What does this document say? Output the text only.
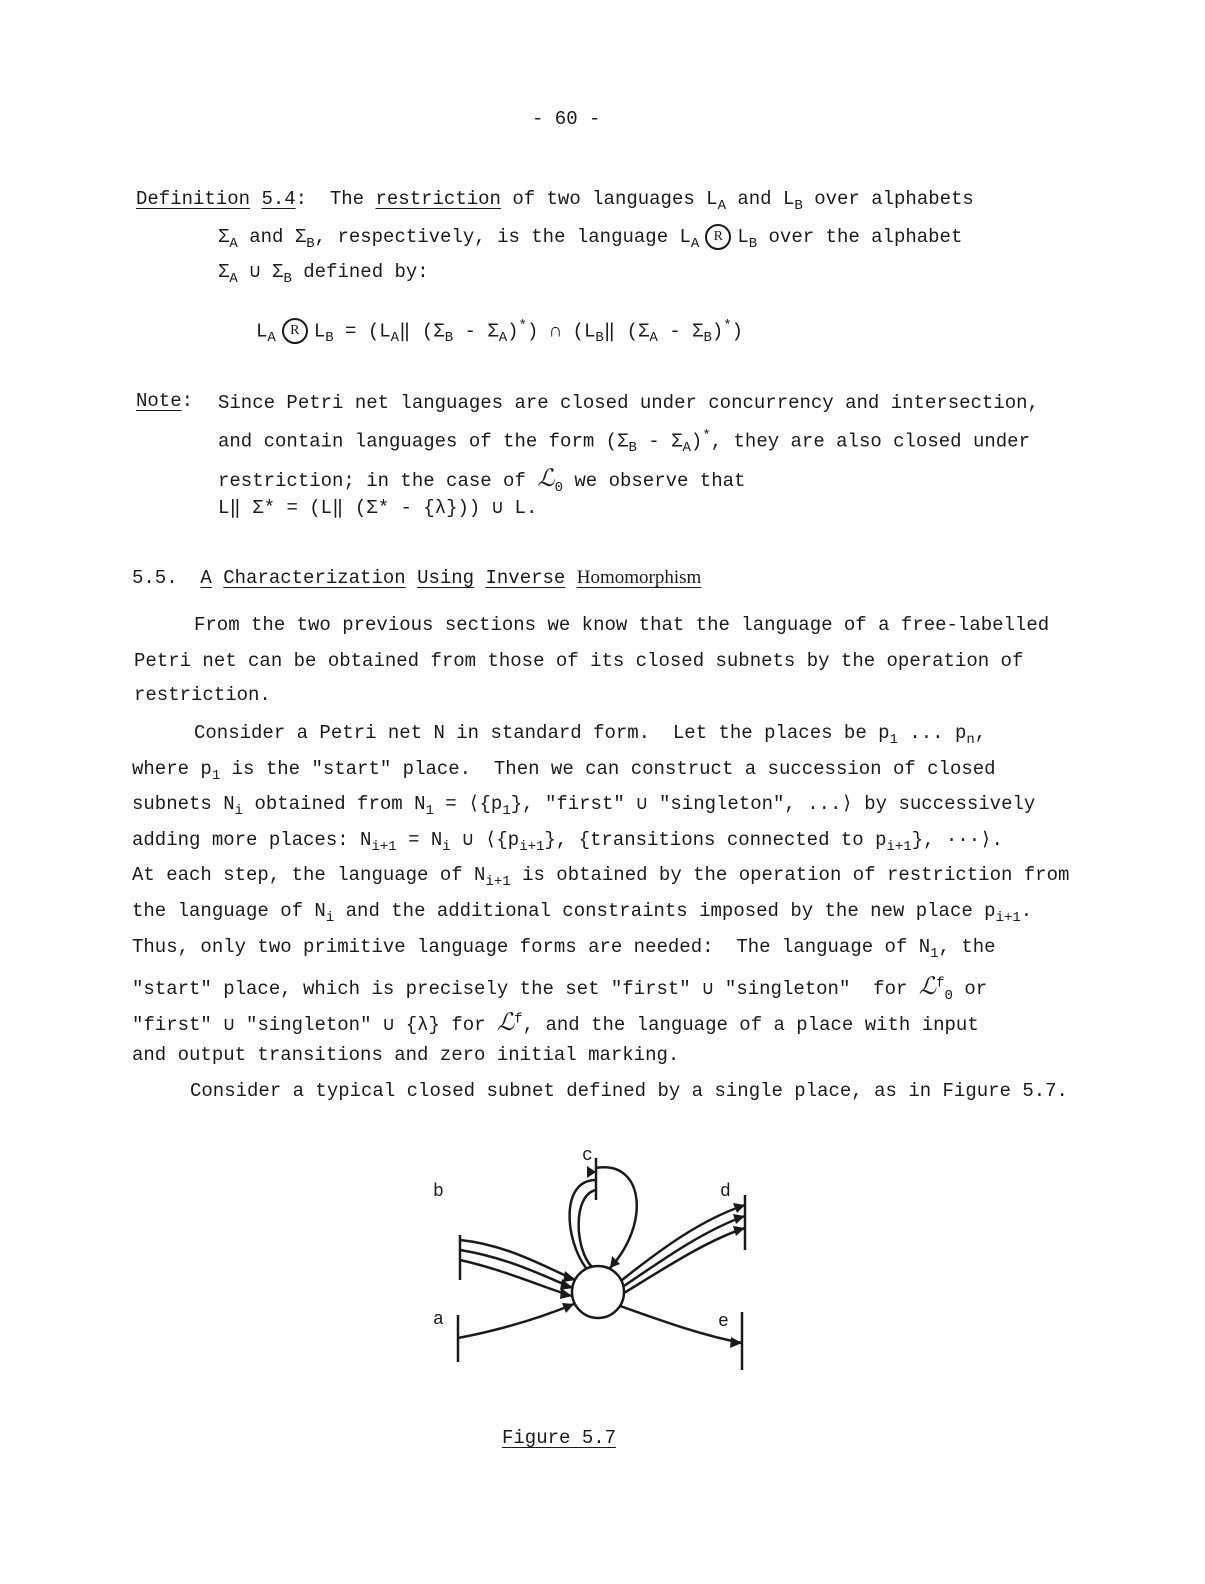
- 60 -
Definition 5.4: The restriction of two languages $L_A$ and $L_B$ over alphabets
$\Sigma_A$ and $\Sigma_B$, respectively, is the language $L_A$ R $L_B$ over the alphabet
$\Sigma_A$ ∪ $\Sigma_B$ defined by:
$L_A$ R $L_B$ = ($L_A‖$ $(\Sigma_B - \Sigma_A)^*$) ∩ ($L_B‖$ $(\Sigma_A - \Sigma_B)^*$)
Note: Since Petri net languages are closed under concurrency and intersection,
and contain languages of the form $(\Sigma_B - \Sigma_A)^*$, they are also closed under
restriction; in the case of ℒ$_0$ we observe that
L‖ Σ* = (L‖ (Σ* - {λ})) ∪ L.
5.5. A Characterization Using Inverse Homomorphism
From the two previous sections we know that the language of a free-labelled
Petri net can be obtained from those of its closed subnets by the operation of
restriction.
Consider a Petri net N in standard form. Let the places be $p_1$ ... $p_n$,
where $p_1$ is the "start" place. Then we can construct a succession of closed
subnets $N_i$ obtained from $N_1$ = $⟨\{p_1\}$, "first" ∪ "singleton", ...⟩ by successively
adding more places: $N_{i+1} = N_i$ ∪ $⟨\{p_{i+1}\}$, {transitions connected to $p_{i+1}$}, ···⟩.
At each step, the language of $N_{i+1}$ is obtained by the operation of restriction from
the language of $N_i$ and the additional constraints imposed by the new place $p_{i+1}$.
Thus, only two primitive language forms are needed: The language of $N_1$, the
"start" place, which is precisely the set "first" ∪ "singleton" for ℒ$^f_0$ or
"first" ∪ "singleton" ∪ {λ} for ℒ$^f$, and the language of a place with input
and output transitions and zero initial marking.
Consider a typical closed subnet defined by a single place, as in Figure 5.7.
b
a
c
d
e
Figure 5.7
